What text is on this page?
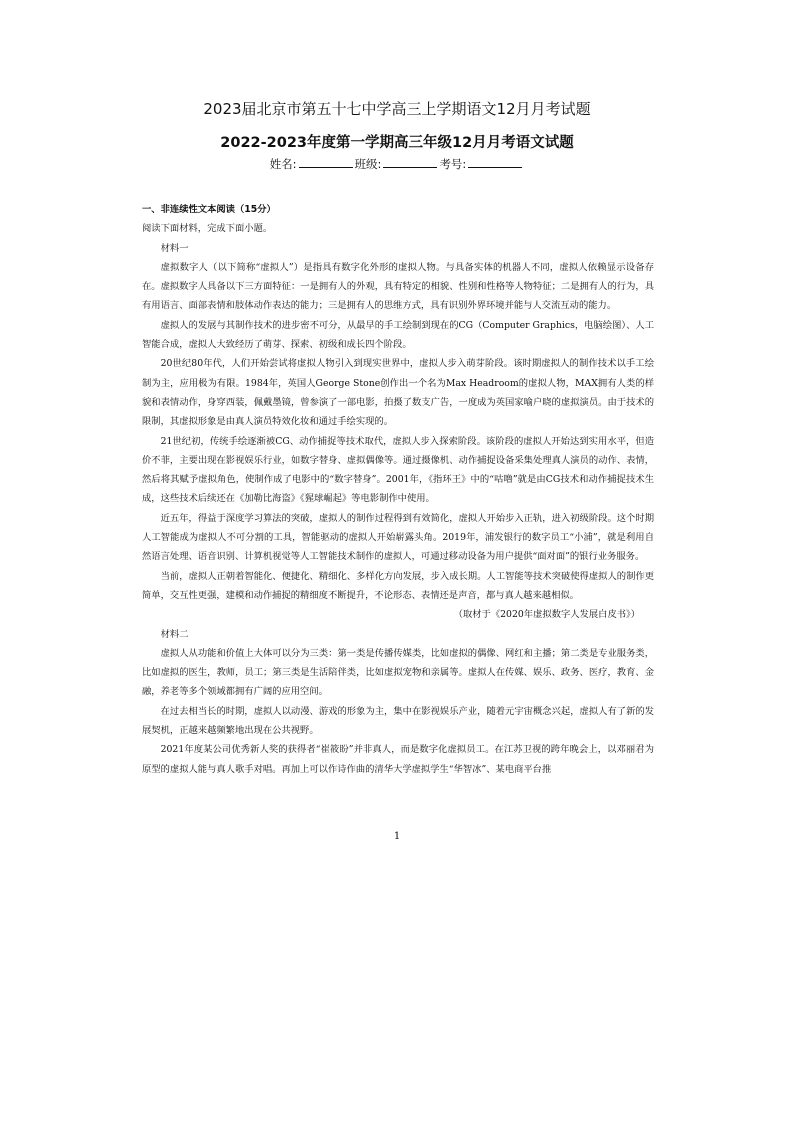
2023届北京市第五十七中学高三上学期语文12月月考试题
2022-2023年度第一学期高三年级12月月考语文试题
姓名:	班级:	考号:

一、非连续性文本阅读（15分）

阅读下面材料，完成下面小题。

材料一

虚拟数字人（以下简称“虚拟人”）是指具有数字化外形的虚拟人物。与具备实体的机器人不同，虚拟人依赖显示设备存在。虚拟数字人具备以下三方面特征：一是拥有人的外观，具有特定的相貌、性别和性格等人物特征；二是拥有人的行为，具有用语言、面部表情和肢体动作表达的能力；三是拥有人的思维方式，具有识别外界环境并能与人交流互动的能力。

虚拟人的发展与其制作技术的进步密不可分，从最早的手工绘制到现在的CG（Computer Graphics，电脑绘图）、人工智能合成，虚拟人大致经历了萌芽、探索、初级和成长四个阶段。

20世纪80年代，人们开始尝试将虚拟人物引入到现实世界中，虚拟人步入萌芽阶段。该时期虚拟人的制作技术以手工绘制为主，应用极为有限。1984年，英国人George Stone创作出一个名为Max Headroom的虚拟人物，MAX拥有人类的样貌和表情动作，身穿西装，佩戴墨镜，曾参演了一部电影，拍摄了数支广告，一度成为英国家喻户晓的虚拟演员。由于技术的限制，其虚拟形象是由真人演员特效化妆和通过手绘实现的。

21世纪初，传统手绘逐渐被CG、动作捕捉等技术取代，虚拟人步入探索阶段。该阶段的虚拟人开始达到实用水平，但造价不菲，主要出现在影视娱乐行业，如数字替身、虚拟偶像等。通过摄像机、动作捕捉设备采集处理真人演员的动作、表情，然后将其赋予虚拟角色，使制作成了电影中的“数字替身”。2001年，《指环王》中的“咕噜”就是由CG技术和动作捕捉技术生成，这些技术后续还在《加勒比海盗》《猩球崛起》等电影制作中使用。

近五年，得益于深度学习算法的突破，虚拟人的制作过程得到有效简化，虚拟人开始步入正轨，进入初级阶段。这个时期人工智能成为虚拟人不可分割的工具，智能驱动的虚拟人开始崭露头角。2019年，浦发银行的数字员工“小浦”，就是利用自然语言处理、语音识别、计算机视觉等人工智能技术制作的虚拟人，可通过移动设备为用户提供“面对面”的银行业务服务。

当前，虚拟人正朝着智能化、便捷化、精细化、多样化方向发展，步入成长期。人工智能等技术突破使得虚拟人的制作更简单，交互性更强，建模和动作捕捉的精细度不断提升，不论形态、表情还是声音，都与真人越来越相似。

（取材于《2020年虚拟数字人发展白皮书》）

材料二

虚拟人从功能和价值上大体可以分为三类：第一类是传播传媒类，比如虚拟的偶像、网红和主播；第二类是专业服务类，比如虚拟的医生，教师，员工；第三类是生活陪伴类，比如虚拟宠物和亲属等。虚拟人在传媒、娱乐、政务、医疗，教育、金融，养老等多个领域都拥有广阔的应用空间。

在过去相当长的时期，虚拟人以动漫、游戏的形象为主，集中在影视娱乐产业，随着元宇宙概念兴起，虚拟人有了新的发展契机，正越来越频繁地出现在公共视野。

2021年度某公司优秀新人奖的获得者“崔筱盼”并非真人，而是数字化虚拟员工。在江苏卫视的跨年晚会上，以邓丽君为原型的虚拟人能与真人歌手对唱。再加上可以作诗作曲的清华大学虚拟学生“华智冰”、某电商平台推

1
